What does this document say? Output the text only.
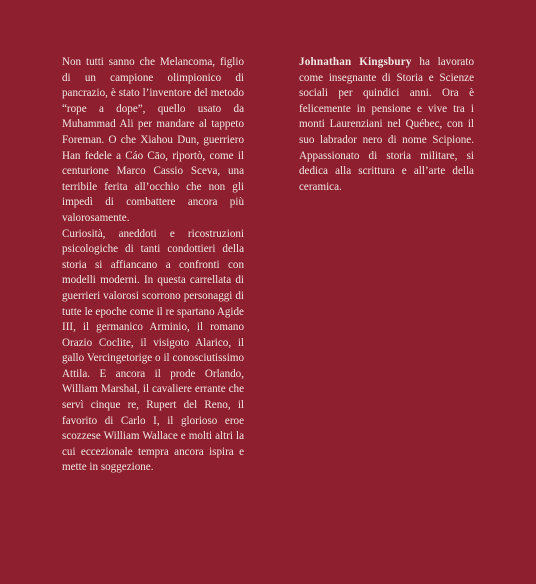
Non tutti sanno che Melancoma, figlio di un campione olimpionico di pancrazio, è stato l’inventore del metodo “rope a dope”, quello usato da Muhammad Ali per mandare al tappeto Foreman. O che Xiahou Dun, guerriero Han fedele a Cáo Cāo, riportò, come il centurione Marco Cassio Sceva, una terribile ferita all’occhio che non gli impedì di combattere ancora più valorosamente.

Curiosità, aneddoti e ricostruzioni psicologiche di tanti condottieri della storia si affiancano a confronti con modelli moderni. In questa carrellata di guerrieri valorosi scorrono personaggi di tutte le epoche come il re spartano Agide III, il germanico Arminio, il romano Orazio Coclite, il visigoto Alarico, il gallo Vercingetorige o il conosciutissimo Attila. E ancora il prode Orlando, William Marshal, il cavaliere errante che servì cinque re, Rupert del Reno, il favorito di Carlo I, il glorioso eroe scozzese William Wallace e molti altri la cui eccezionale tempra ancora ispira e mette in soggezione.

Johnathan Kingsbury ha lavorato come insegnante di Storia e Scienze sociali per quindici anni. Ora è felicemente in pensione e vive tra i monti Laurenziani nel Québec, con il suo labrador nero di nome Scipione. Appassionato di storia militare, si dedica alla scrittura e all’arte della ceramica.
